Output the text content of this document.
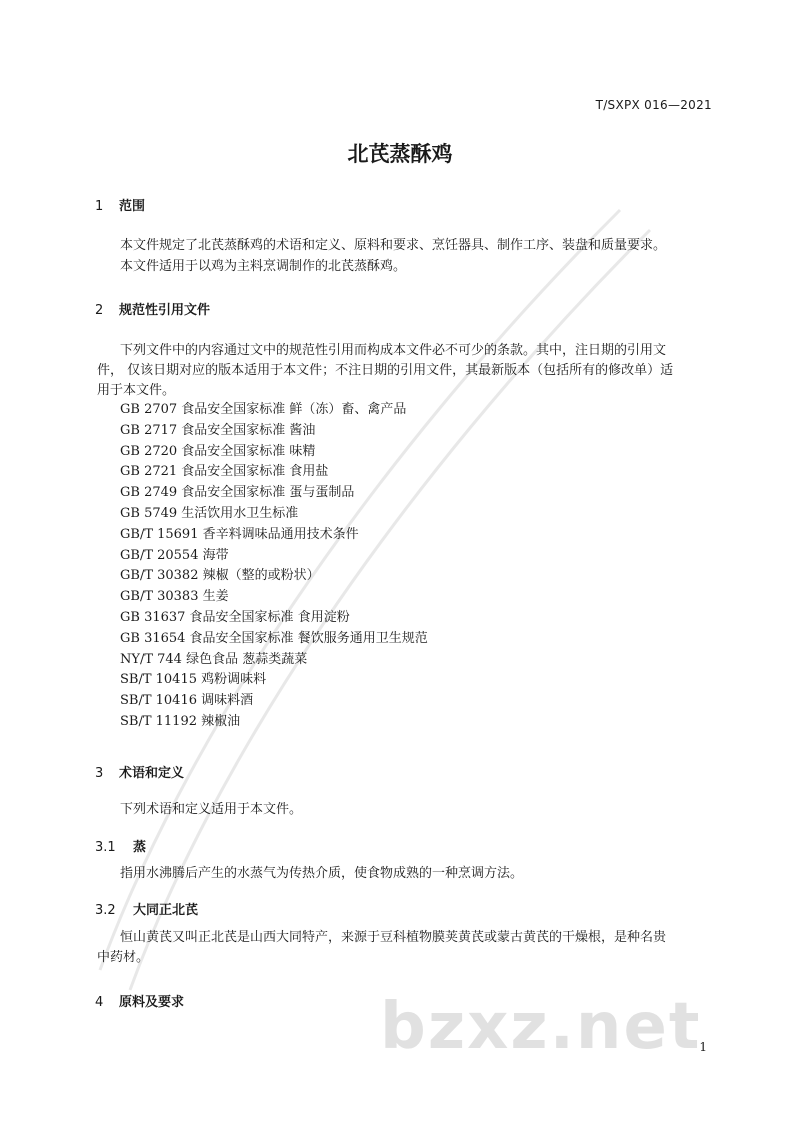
T/SXPX 016—2021
北芪蒸酥鸡
1 范围
本文件规定了北芪蒸酥鸡的术语和定义、原料和要求、烹饪器具、制作工序、装盘和质量要求。
本文件适用于以鸡为主料烹调制作的北芪蒸酥鸡。
2 规范性引用文件
下列文件中的内容通过文中的规范性引用而构成本文件必不可少的条款。其中，注日期的引用文
件， 仅该日期对应的版本适用于本文件；不注日期的引用文件，其最新版本（包括所有的修改单）适
用于本文件。
GB 2707 食品安全国家标准 鲜（冻）畜、禽产品
GB 2717 食品安全国家标准 酱油
GB 2720 食品安全国家标准 味精
GB 2721 食品安全国家标准 食用盐
GB 2749 食品安全国家标准 蛋与蛋制品
GB 5749 生活饮用水卫生标准
GB/T 15691 香辛料调味品通用技术条件
GB/T 20554 海带
GB/T 30382 辣椒（整的或粉状）
GB/T 30383 生姜
GB 31637 食品安全国家标准 食用淀粉
GB 31654 食品安全国家标准 餐饮服务通用卫生规范
NY/T 744 绿色食品 葱蒜类蔬菜
SB/T 10415 鸡粉调味料
SB/T 10416 调味料酒
SB/T 11192 辣椒油
3 术语和定义
下列术语和定义适用于本文件。
3.1 蒸
指用水沸腾后产生的水蒸气为传热介质，使食物成熟的一种烹调方法。
3.2 大同正北芪
恒山黄芪又叫正北芪是山西大同特产，来源于豆科植物膜荚黄芪或蒙古黄芪的干燥根，是种名贵
中药材。
4 原料及要求	bzxz.net
1
